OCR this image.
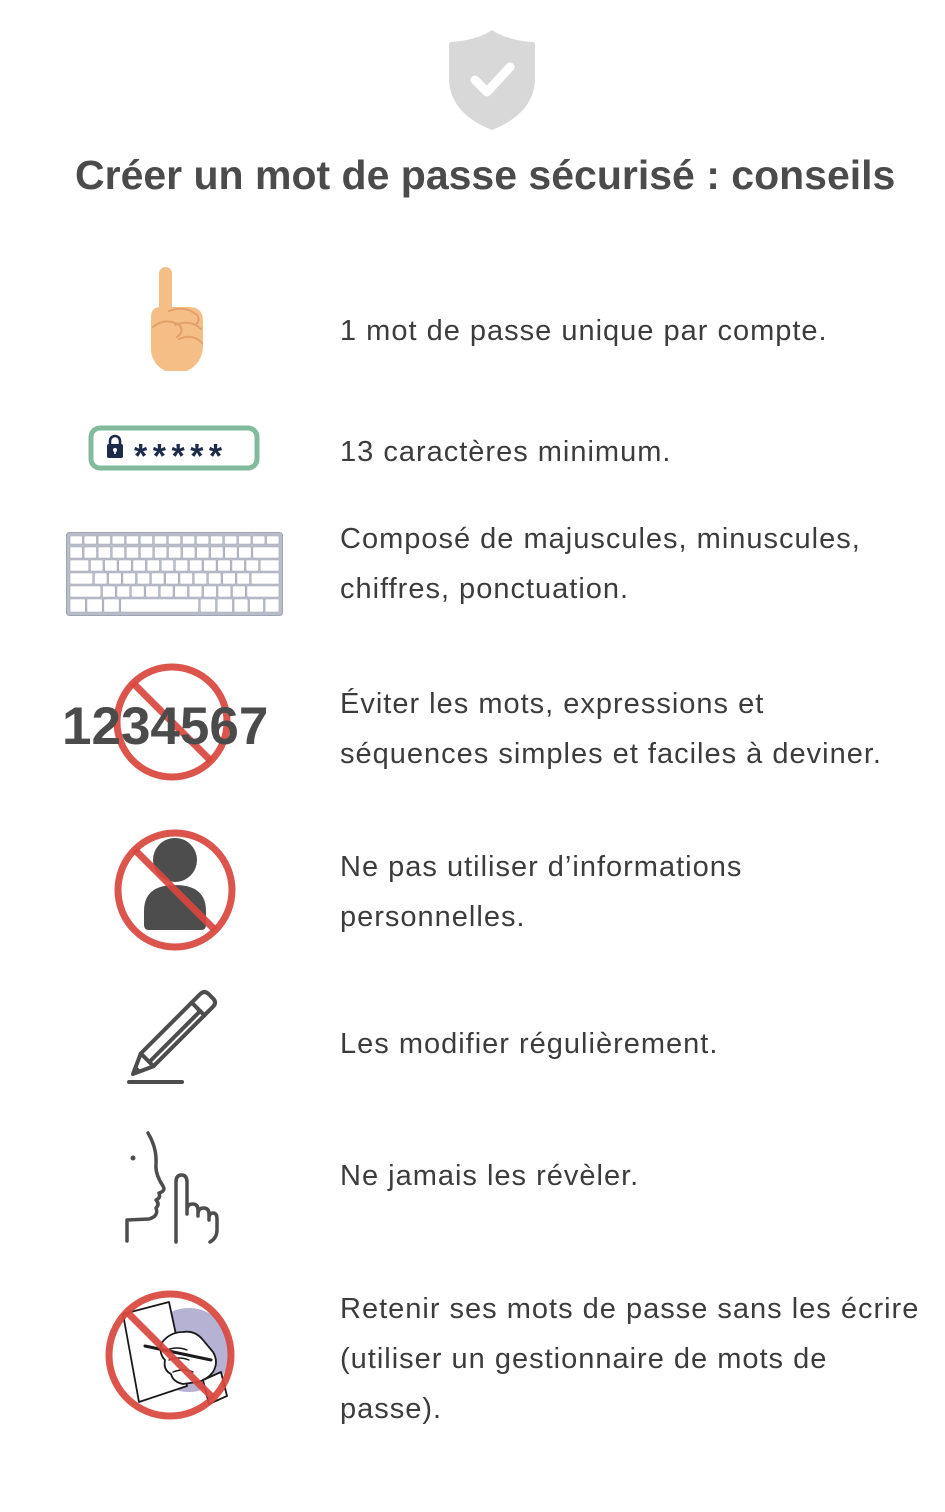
Créer un mot de passe sécurisé : conseils
1 mot de passe unique par compte.
*****	13 caractères minimum.
Composé de majuscules, minuscules,
chiffres, ponctuation.
1234567 Éviter les mots, expressions et
séquences simples et faciles à deviner.
Ne pas utiliser d’informations
personnelles.
Les modifier régulièrement.
Ne jamais les révèler.
Retenir ses mots de passe sans les écrire
(utiliser un gestionnaire de mots de
passe).
